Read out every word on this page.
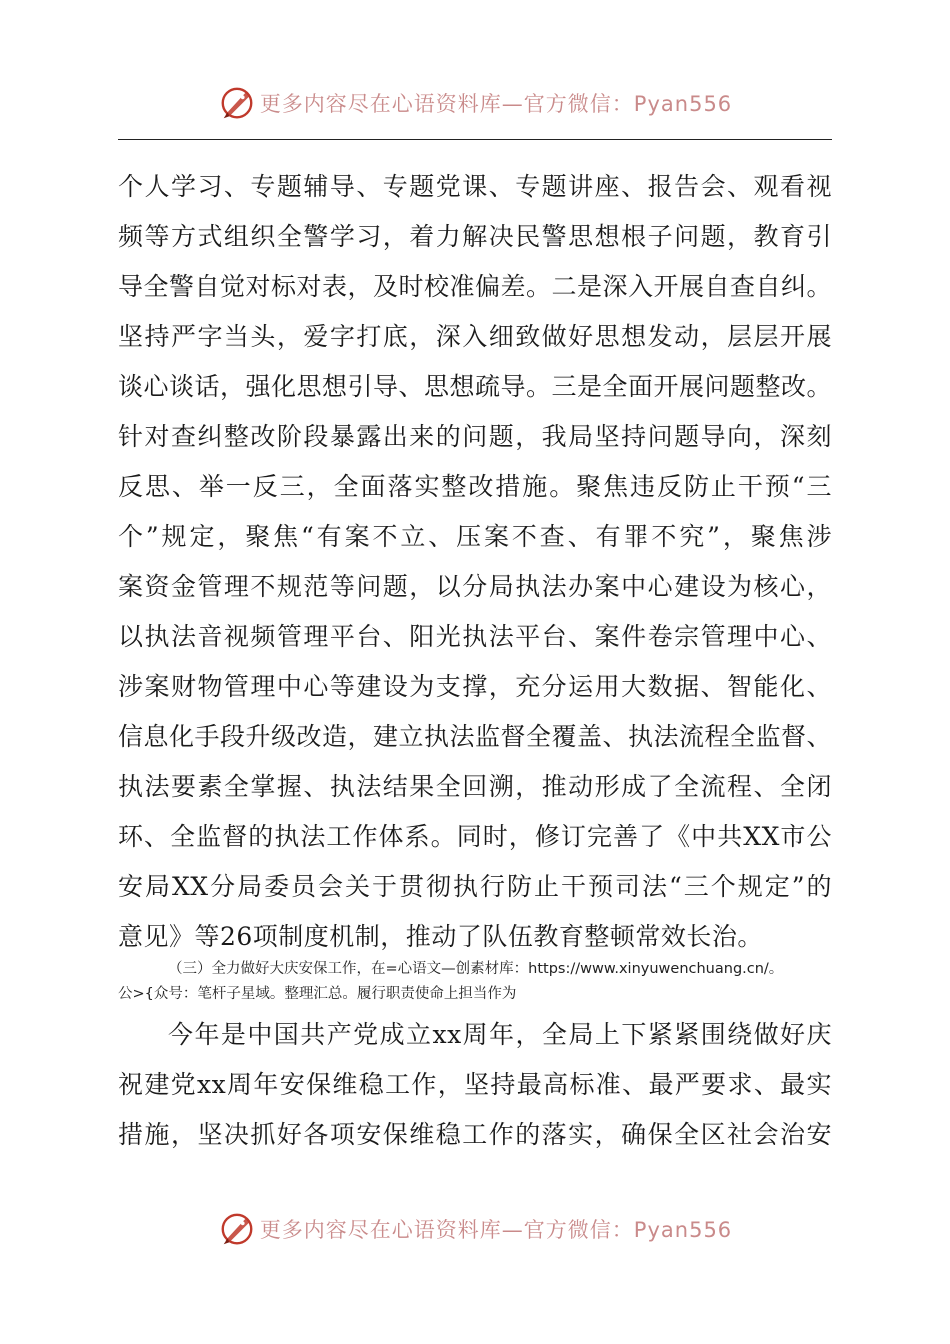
更多内容尽在心语资料库—官方微信：Pyan556
个人学习、专题辅导、专题党课、专题讲座、报告会、观看视
频等方式组织全警学习，着力解决民警思想根子问题，教育引
导全警自觉对标对表，及时校准偏差。二是深入开展自查自纠。
坚持严字当头，爱字打底，深入细致做好思想发动，层层开展
谈心谈话，强化思想引导、思想疏导。三是全面开展问题整改。
针对查纠整改阶段暴露出来的问题，我局坚持问题导向，深刻
反思、举一反三，全面落实整改措施。聚焦违反防止干预“三
个”规定，聚焦“有案不立、压案不查、有罪不究”，聚焦涉
案资金管理不规范等问题，以分局执法办案中心建设为核心，
以执法音视频管理平台、阳光执法平台、案件卷宗管理中心、
涉案财物管理中心等建设为支撑，充分运用大数据、智能化、
信息化手段升级改造，建立执法监督全覆盖、执法流程全监督、
执法要素全掌握、执法结果全回溯，推动形成了全流程、全闭
环、全监督的执法工作体系。同时，修订完善了《中共XX市公
安局XX分局委员会关于贯彻执行防止干预司法“三个规定”的
意见》等26项制度机制，推动了队伍教育整顿常效长治。
（三）全力做好大庆安保工作，在=心语文—创素材库：https://www.xinyuwenchuang.cn/。
公>{众号：笔杆子星域。整理汇总。履行职责使命上担当作为
今年是中国共产党成立xx周年，全局上下紧紧围绕做好庆
祝建党xx周年安保维稳工作，坚持最高标准、最严要求、最实
措施，坚决抓好各项安保维稳工作的落实，确保全区社会治安
更多内容尽在心语资料库—官方微信：Pyan556
